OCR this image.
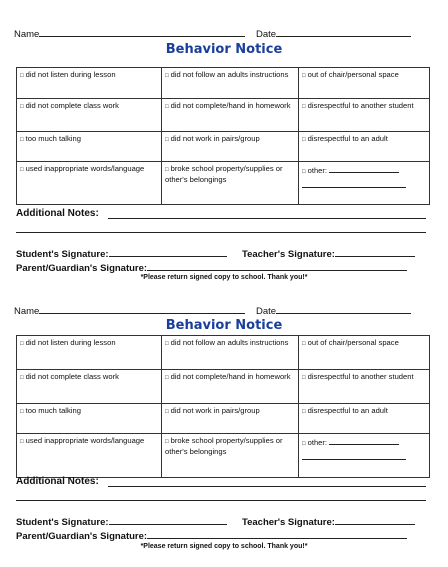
Name	Date
Behavior Notice
□ did not listen during lesson	□ did not follow an adults instructions	□ out of chair/personal space
□ did not complete class work	□ did not complete/hand in homework	□ disrespectful to another student
□ too much talking	□ did not work in pairs/group	□ disrespectful to an adult
□ used inappropriate words/language	□ broke school property/supplies or other's belongings	□ other:
Additional Notes:
Student's Signature:	Teacher's Signature:
Parent/Guardian's Signature:
*Please return signed copy to school. Thank you!*
Name	Date
Behavior Notice
□ did not listen during lesson	□ did not follow an adults instructions	□ out of chair/personal space
□ did not complete class work	□ did not complete/hand in homework	□ disrespectful to another student
□ too much talking	□ did not work in pairs/group	□ disrespectful to an adult
□ used inappropriate words/language	□ broke school property/supplies or other's belongings	□ other:
Additional Notes:
Student's Signature:	Teacher's Signature:
Parent/Guardian's Signature:
*Please return signed copy to school. Thank you!*
